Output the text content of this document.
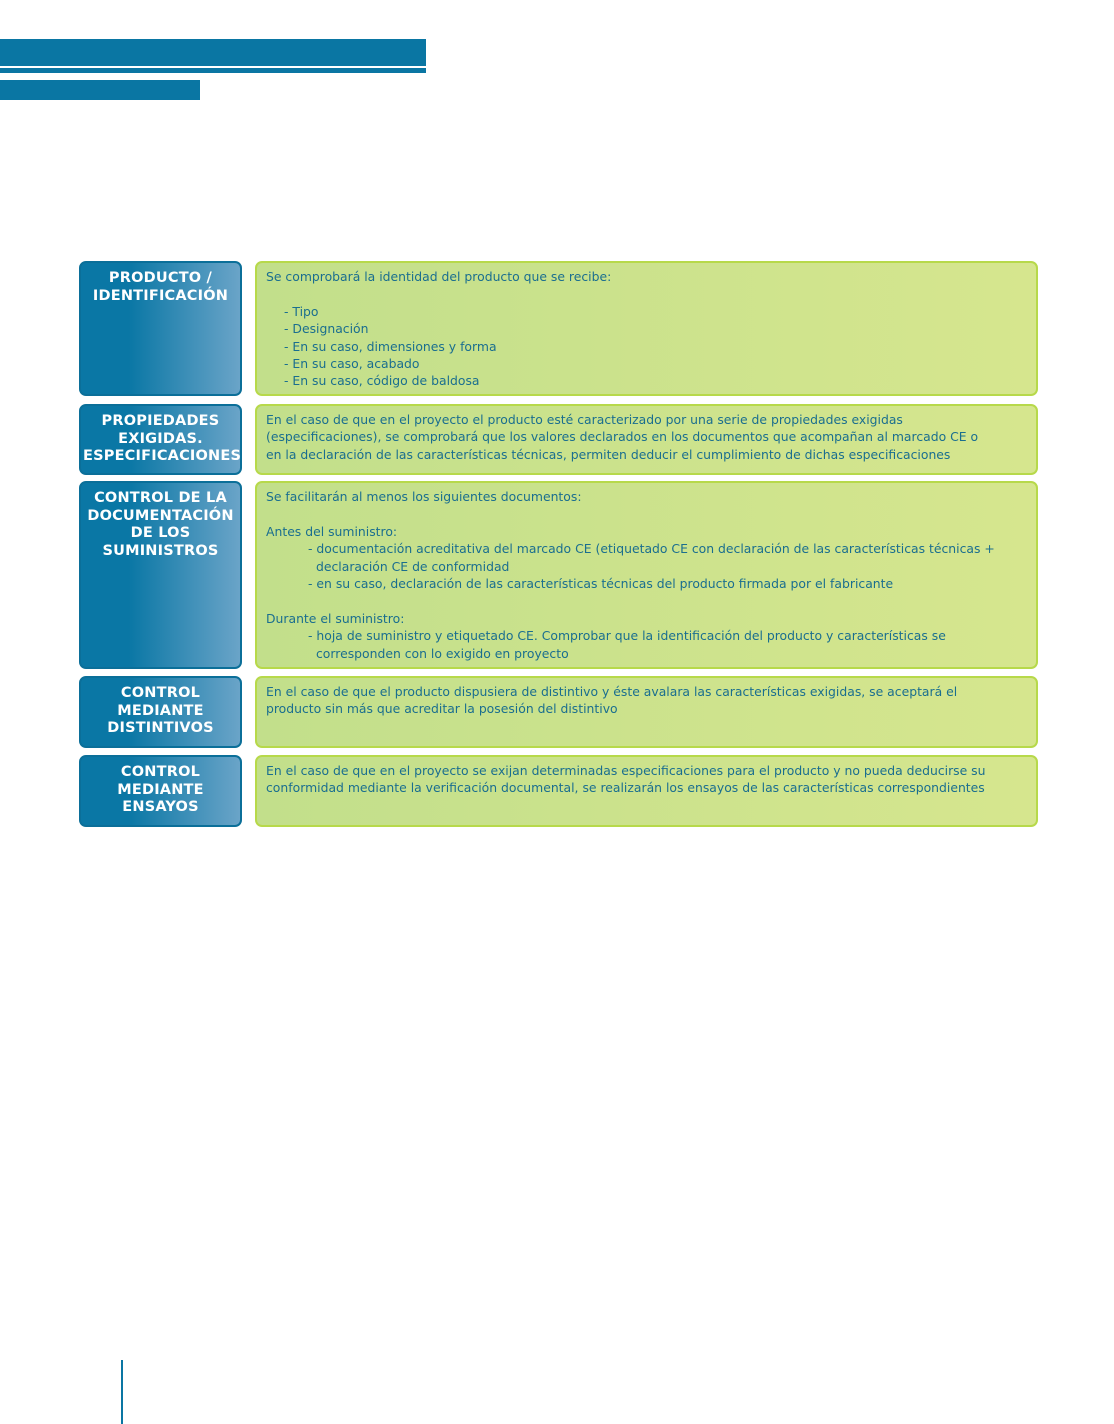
PRODUCTO /
IDENTIFICACIÓN

Se comprobará la identidad del producto que se recibe:

- Tipo

- Designación

- En su caso, dimensiones y forma

- En su caso, acabado

- En su caso, código de baldosa

PROPIEDADES
EXIGIDAS.
ESPECIFICACIONES

En el caso de que en el proyecto el producto esté caracterizado por una serie de propiedades exigidas

(especificaciones), se comprobará que los valores declarados en los documentos que acompañan al marcado CE o

en la declaración de las características técnicas, permiten deducir el cumplimiento de dichas especificaciones

CONTROL DE LA
DOCUMENTACIÓN
DE LOS
SUMINISTROS

Se facilitarán al menos los siguientes documentos:

Antes del suministro:

- documentación acreditativa del marcado CE (etiquetado CE con declaración de las características técnicas +

declaración CE de conformidad

- en su caso, declaración de las características técnicas del producto firmada por el fabricante

Durante el suministro:

- hoja de suministro y etiquetado CE. Comprobar que la identificación del producto y características se

corresponden con lo exigido en proyecto

CONTROL
MEDIANTE
DISTINTIVOS

En el caso de que el producto dispusiera de distintivo y éste avalara las características exigidas, se aceptará el

producto sin más que acreditar la posesión del distintivo

CONTROL
MEDIANTE
ENSAYOS

En el caso de que en el proyecto se exijan determinadas especificaciones para el producto y no pueda deducirse su

conformidad mediante la verificación documental, se realizarán los ensayos de las características correspondientes
